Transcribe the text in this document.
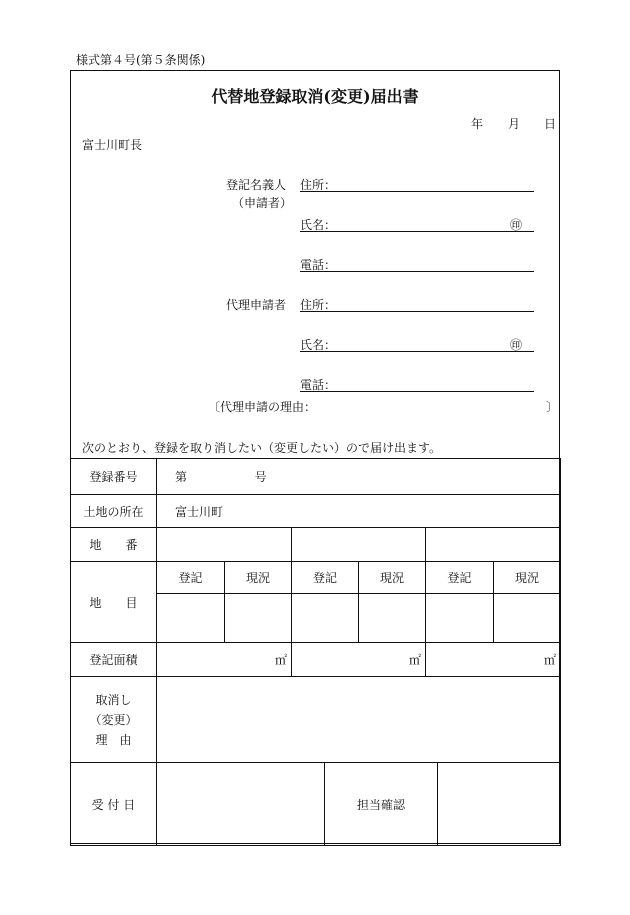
様式第４号(第５条関係)
代替地登録取消(変更)届出書
年 月 日
富士川町長
登記名義人
（申請者）
住所：
氏名：	㊞
電話：
代理申請者 住所：
氏名：	㊞
電話：
〔代理申請の理由：	〕
次のとおり、登録を取り消したい（変更したい）ので届け出ます。
登録番号	第 号					
土地の所在	富士川町					
地　　番						
地　　目	登記	現況	登記	現況	登記	現況

登記面積	㎡		㎡		㎡	

取消し
（変更）
理　由						

受 付 日	担当確認					
